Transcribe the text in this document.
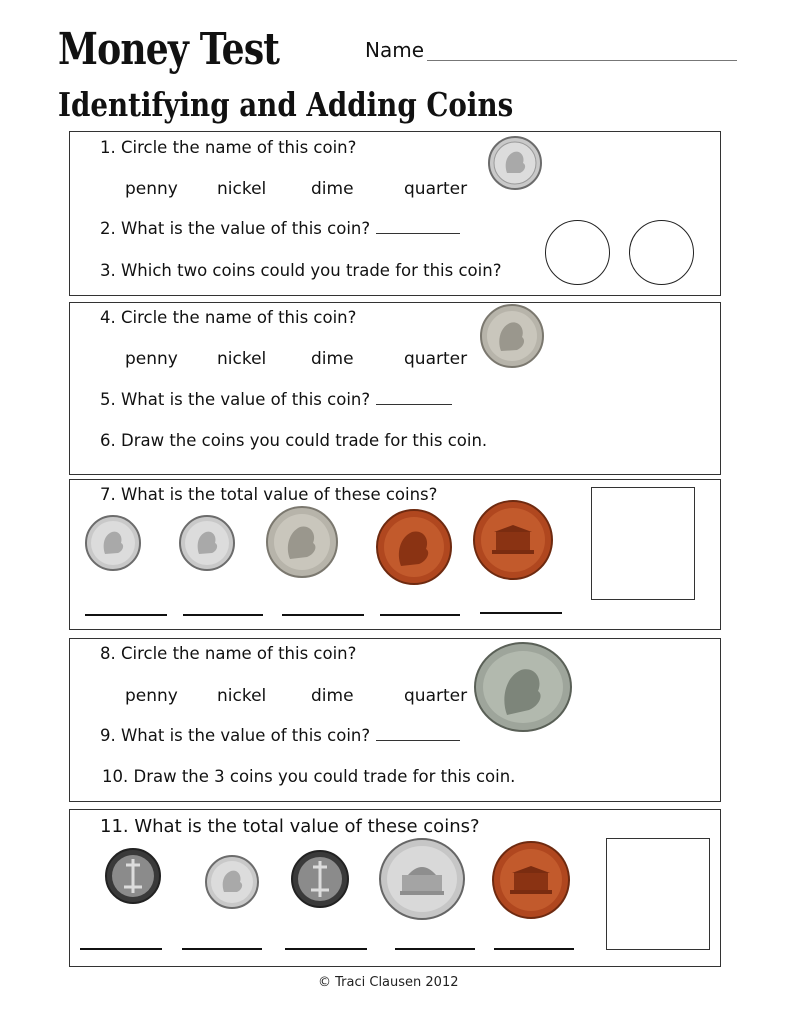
Money Test
Identifying and Adding Coins
Name
1. Circle the name of this coin?
penny nickel	dime	quarter
2. What is the value of this coin?
3. Which two coins could you trade for this coin?
4. Circle the name of this coin?
penny nickel	dime	quarter
5. What is the value of this coin?
6. Draw the coins you could trade for this coin.
7. What is the total value of these coins?
8. Circle the name of this coin?
penny nickel	dime	quarter
9. What is the value of this coin?
10. Draw the 3 coins you could trade for this coin.
11. What is the total value of these coins?
© Traci Clausen 2012
